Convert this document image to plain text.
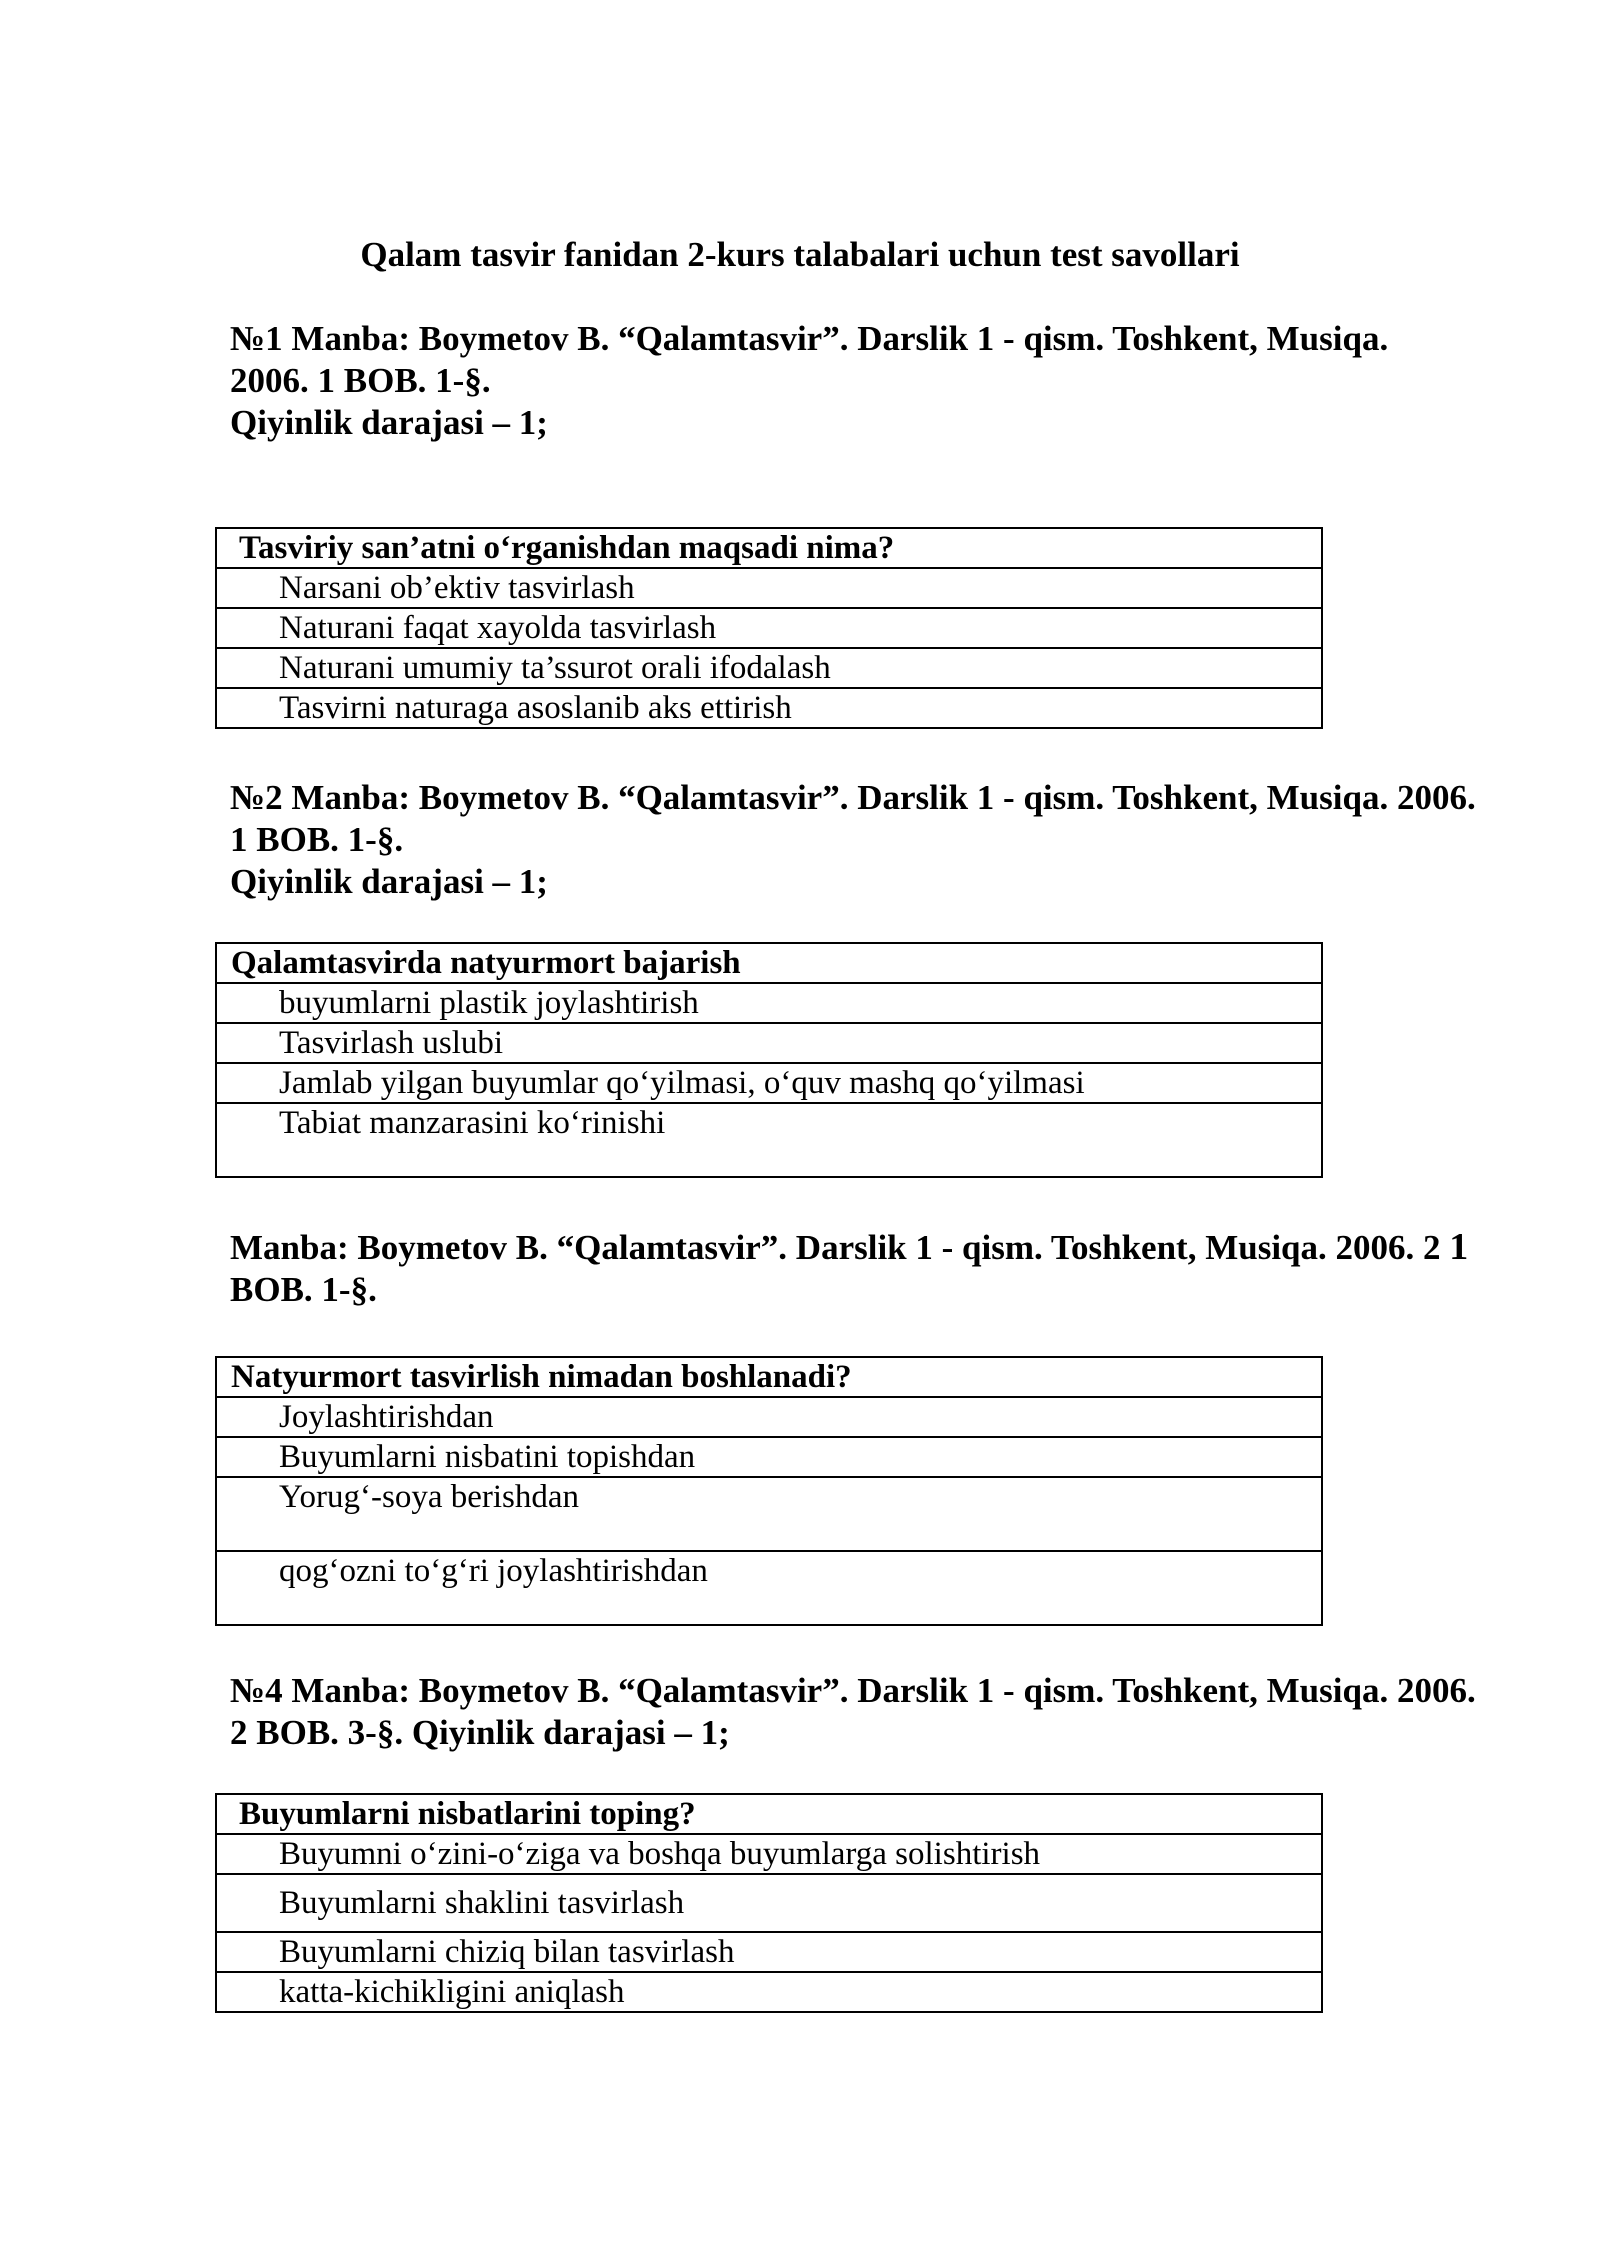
Qalam tasvir fanidan 2-kurs talabalari uchun test savollari
№1 Manba: Boymetov B. “Qalamtasvir”. Darslik 1 - qism. Toshkent, Musiqa.
2006. 1 BOB. 1-§.
Qiyinlik darajasi – 1;
Tasviriy san’atni o‘rganishdan maqsadi nima?
Narsani ob’ektiv tasvirlash
Naturani faqat xayolda tasvirlash
Naturani umumiy ta’ssurot orali ifodalash
Tasvirni naturaga asoslanib aks ettirish
№2 Manba: Boymetov B. “Qalamtasvir”. Darslik 1 - qism. Toshkent, Musiqa. 2006.
1 BOB. 1-§.
Qiyinlik darajasi – 1;
Qalamtasvirda natyurmort bajarish
buyumlarni plastik joylashtirish
Tasvirlash uslubi
Jamlab yilgan buyumlar qo‘yilmasi, o‘quv mashq qo‘yilmasi
Tabiat manzarasini ko‘rinishi
Manba: Boymetov B. “Qalamtasvir”. Darslik 1 - qism. Toshkent, Musiqa. 2006. 2 1
BOB. 1-§.
Natyurmort tasvirlish nimadan boshlanadi?
Joylashtirishdan
Buyumlarni nisbatini topishdan
Yorug‘-soya berishdan
qog‘ozni to‘g‘ri joylashtirishdan
№4 Manba: Boymetov B. “Qalamtasvir”. Darslik 1 - qism. Toshkent, Musiqa. 2006.
2 BOB. 3-§. Qiyinlik darajasi – 1;
Buyumlarni nisbatlarini toping?
Buyumni o‘zini-o‘ziga va boshqa buyumlarga solishtirish
Buyumlarni shaklini tasvirlash
Buyumlarni chiziq bilan tasvirlash
katta-kichikligini aniqlash
